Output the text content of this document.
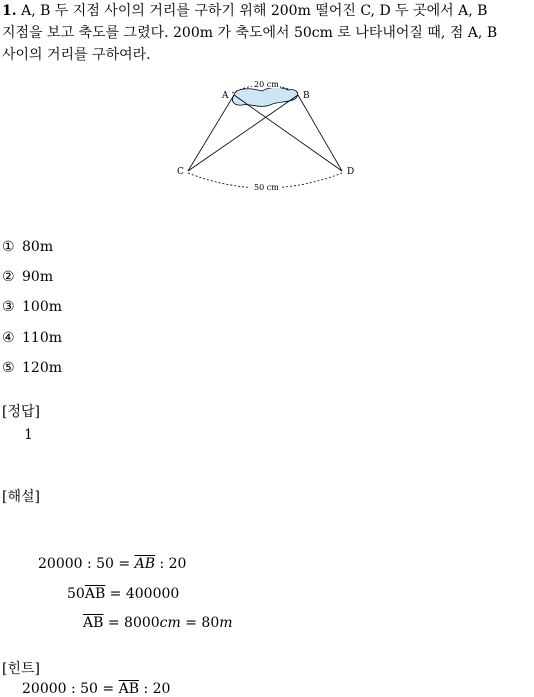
1. A, B 두 지점 사이의 거리를 구하기 위해 200m 떨어진 C, D 두 곳에서 A, B
지점을 보고 축도를 그렸다. 200m 가 축도에서 50cm 로 나타내어질 때, 점 A, B
사이의 거리를 구하여라.
A	B
C	D
20 cm
50 cm
① 80m
② 90m
③ 100m
④ 110m
⑤ 120m
[정답]
1
[해설]
20000 : $50 = \overline{AB}$ : 20
$50\overline{AB} = 400000$
$\overline{AB} = 8000cm = 80m$
[힌트]
20000 : $50 = \overline{AB}$ : 20
